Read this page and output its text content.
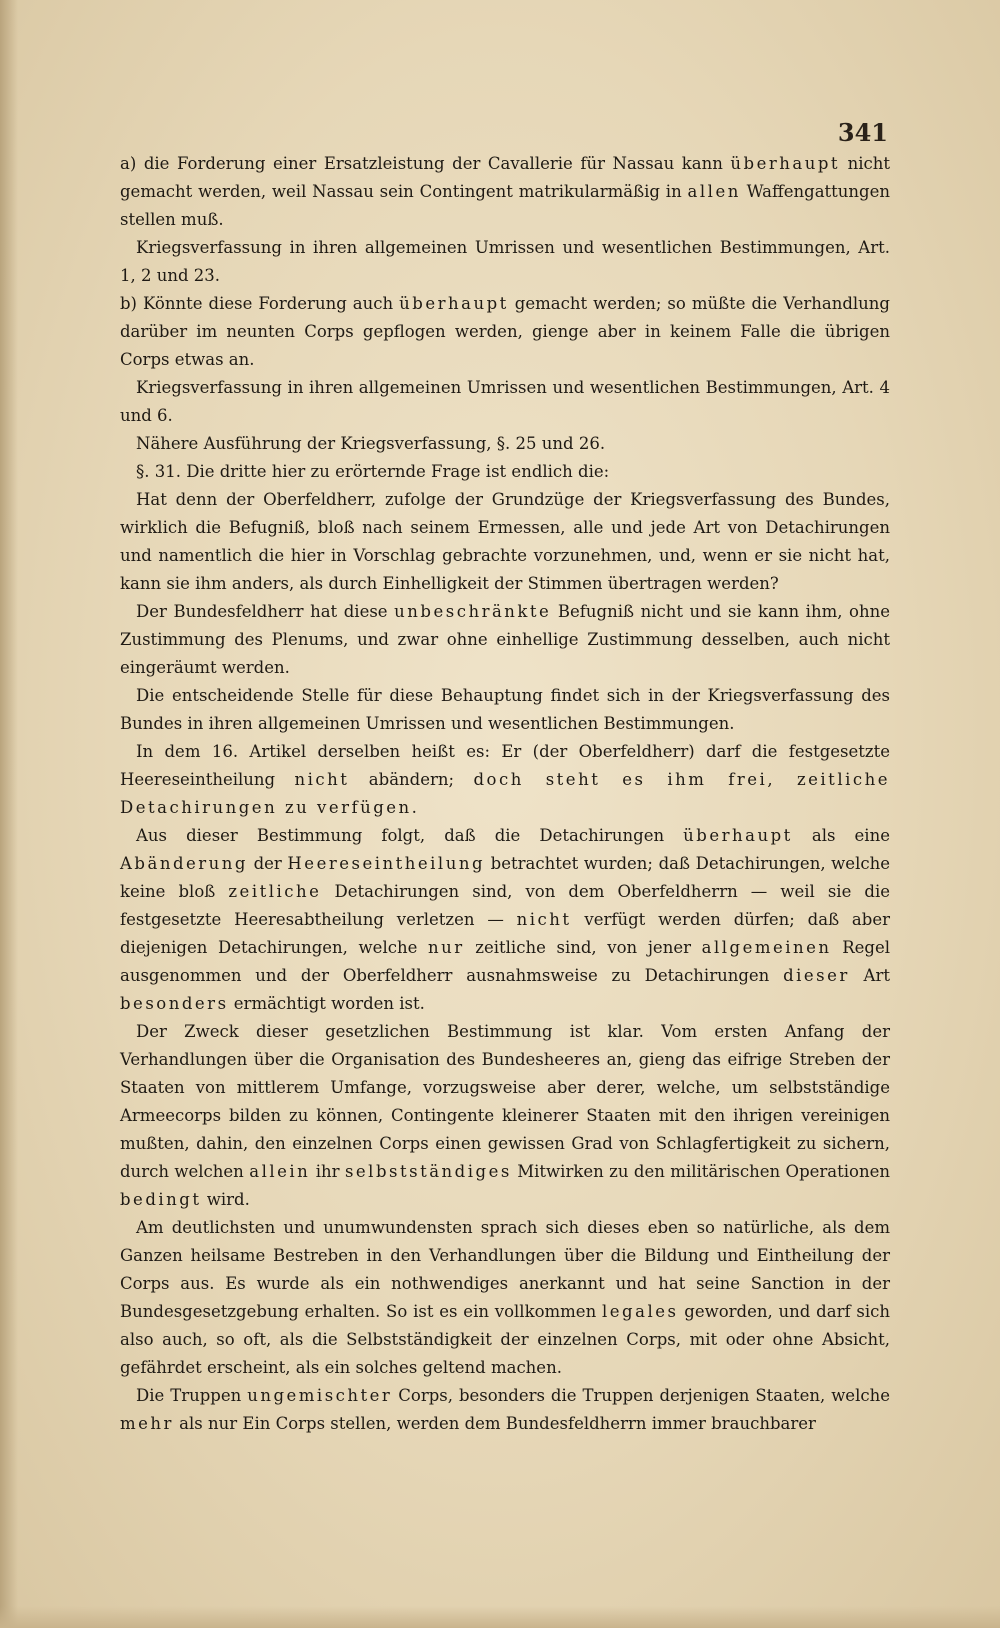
341

a) die Forderung einer Ersatzleistung der Cavallerie für Nassau kann überhaupt nicht gemacht werden, weil Nassau sein Contingent matrikularmäßig in allen Waffengattungen stellen muß.

Kriegsverfassung in ihren allgemeinen Umrissen und wesentlichen Bestimmungen, Art. 1, 2 und 23.

b) Könnte diese Forderung auch überhaupt gemacht werden; so müßte die Verhandlung darüber im neunten Corps gepflogen werden, gienge aber in keinem Falle die übrigen Corps etwas an.

Kriegsverfassung in ihren allgemeinen Umrissen und wesentlichen Bestimmungen, Art. 4 und 6.

Nähere Ausführung der Kriegsverfassung, §. 25 und 26.

§. 31. Die dritte hier zu erörternde Frage ist endlich die:

Hat denn der Oberfeldherr, zufolge der Grundzüge der Kriegsverfassung des Bundes, wirklich die Befugniß, bloß nach seinem Ermessen, alle und jede Art von Detachirungen und namentlich die hier in Vorschlag gebrachte vorzunehmen, und, wenn er sie nicht hat, kann sie ihm anders, als durch Einhelligkeit der Stimmen übertragen werden?

Der Bundesfeldherr hat diese unbeschränkte Befugniß nicht und sie kann ihm, ohne Zustimmung des Plenums, und zwar ohne einhellige Zustimmung desselben, auch nicht eingeräumt werden.

Die entscheidende Stelle für diese Behauptung findet sich in der Kriegsverfassung des Bundes in ihren allgemeinen Umrissen und wesentlichen Bestimmungen.

In dem 16. Artikel derselben heißt es: Er (der Oberfeldherr) darf die festgesetzte Heereseintheilung nicht abändern; doch steht es ihm frei, zeitliche Detachirungen zu verfügen.

Aus dieser Bestimmung folgt, daß die Detachirungen überhaupt als eine Abänderung der Heereseintheilung betrachtet wurden; daß Detachirungen, welche keine bloß zeitliche Detachirungen sind, von dem Oberfeldherrn — weil sie die festgesetzte Heeresabtheilung verletzen — nicht verfügt werden dürfen; daß aber diejenigen Detachirungen, welche nur zeitliche sind, von jener allgemeinen Regel ausgenommen und der Oberfeldherr ausnahmsweise zu Detachirungen dieser Art besonders ermächtigt worden ist.

Der Zweck dieser gesetzlichen Bestimmung ist klar. Vom ersten Anfang der Verhandlungen über die Organisation des Bundesheeres an, gieng das eifrige Streben der Staaten von mittlerem Umfange, vorzugsweise aber derer, welche, um selbstständige Armeecorps bilden zu können, Contingente kleinerer Staaten mit den ihrigen vereinigen mußten, dahin, den einzelnen Corps einen gewissen Grad von Schlagfertigkeit zu sichern, durch welchen allein ihr selbstständiges Mitwirken zu den militärischen Operationen bedingt wird.

Am deutlichsten und unumwundensten sprach sich dieses eben so natürliche, als dem Ganzen heilsame Bestreben in den Verhandlungen über die Bildung und Eintheilung der Corps aus. Es wurde als ein nothwendiges anerkannt und hat seine Sanction in der Bundesgesetzgebung erhalten. So ist es ein vollkommen legales geworden, und darf sich also auch, so oft, als die Selbstständigkeit der einzelnen Corps, mit oder ohne Absicht, gefährdet erscheint, als ein solches geltend machen.

Die Truppen ungemischter Corps, besonders die Truppen derjenigen Staaten, welche mehr als nur Ein Corps stellen, werden dem Bundesfeldherrn immer brauchbarer
